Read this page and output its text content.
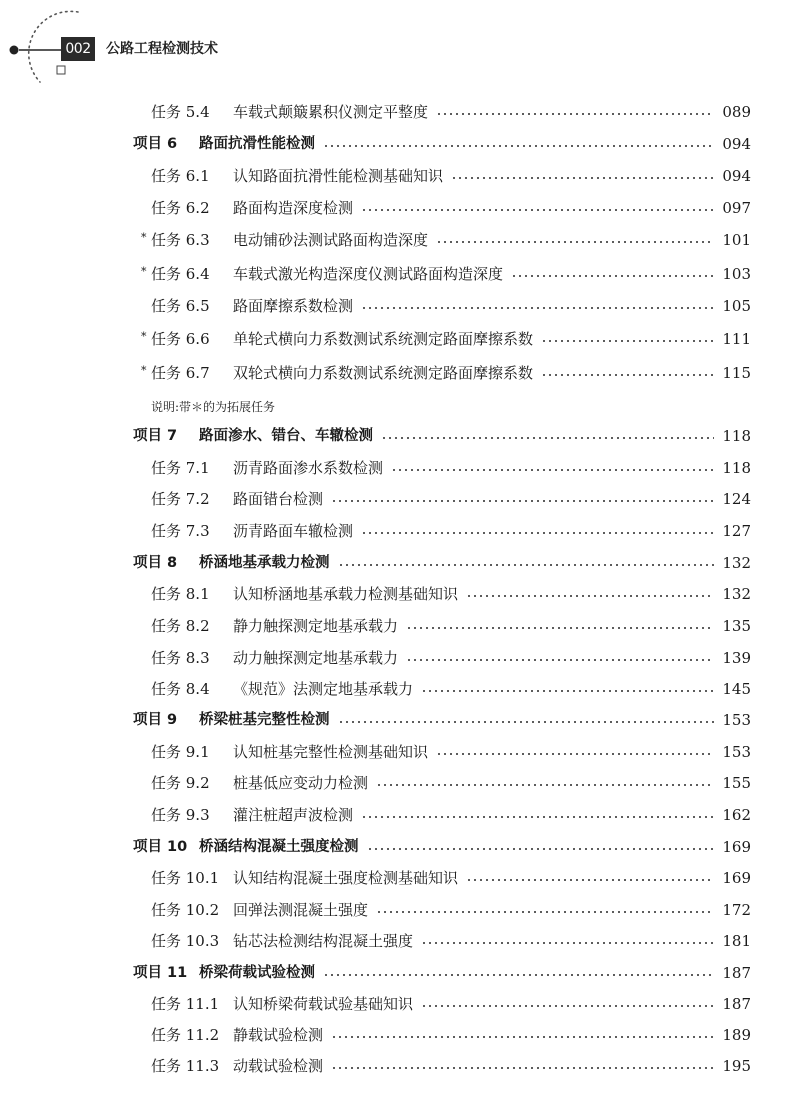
002	公路工程检测技术
任务 5.4 车载式颠簸累积仪测定平整度	089
项目 6 路面抗滑性能检测	094
任务 6.1 认知路面抗滑性能检测基础知识	094
任务 6.2 路面构造深度检测	097
* 任务 6.3 电动铺砂法测试路面构造深度	101
* 任务 6.4 车载式激光构造深度仪测试路面构造深度	103
任务 6.5 路面摩擦系数检测	105
* 任务 6.6 单轮式横向力系数测试系统测定路面摩擦系数	111
* 任务 6.7 双轮式横向力系数测试系统测定路面摩擦系数	115
项目 7 路面渗水、错台、车辙检测	118
任务 7.1 沥青路面渗水系数检测	118
任务 7.2 路面错台检测	124
任务 7.3 沥青路面车辙检测	127
项目 8 桥涵地基承载力检测	132
任务 8.1 认知桥涵地基承载力检测基础知识	132
任务 8.2 静力触探测定地基承载力	135
任务 8.3 动力触探测定地基承载力	139
任务 8.4 《规范》法测定地基承载力	145
项目 9 桥梁桩基完整性检测	153
任务 9.1 认知桩基完整性检测基础知识	153
任务 9.2 桩基低应变动力检测	155
任务 9.3 灌注桩超声波检测	162
项目 10 桥涵结构混凝土强度检测	169
任务 10.1 认知结构混凝土强度检测基础知识	169
任务 10.2 回弹法测混凝土强度	172
任务 10.3 钻芯法检测结构混凝土强度	181
项目 11 桥梁荷载试验检测	187
任务 11.1 认知桥梁荷载试验基础知识	187
任务 11.2 静载试验检测	189
任务 11.3 动载试验检测	195
说明:带＊的为拓展任务
